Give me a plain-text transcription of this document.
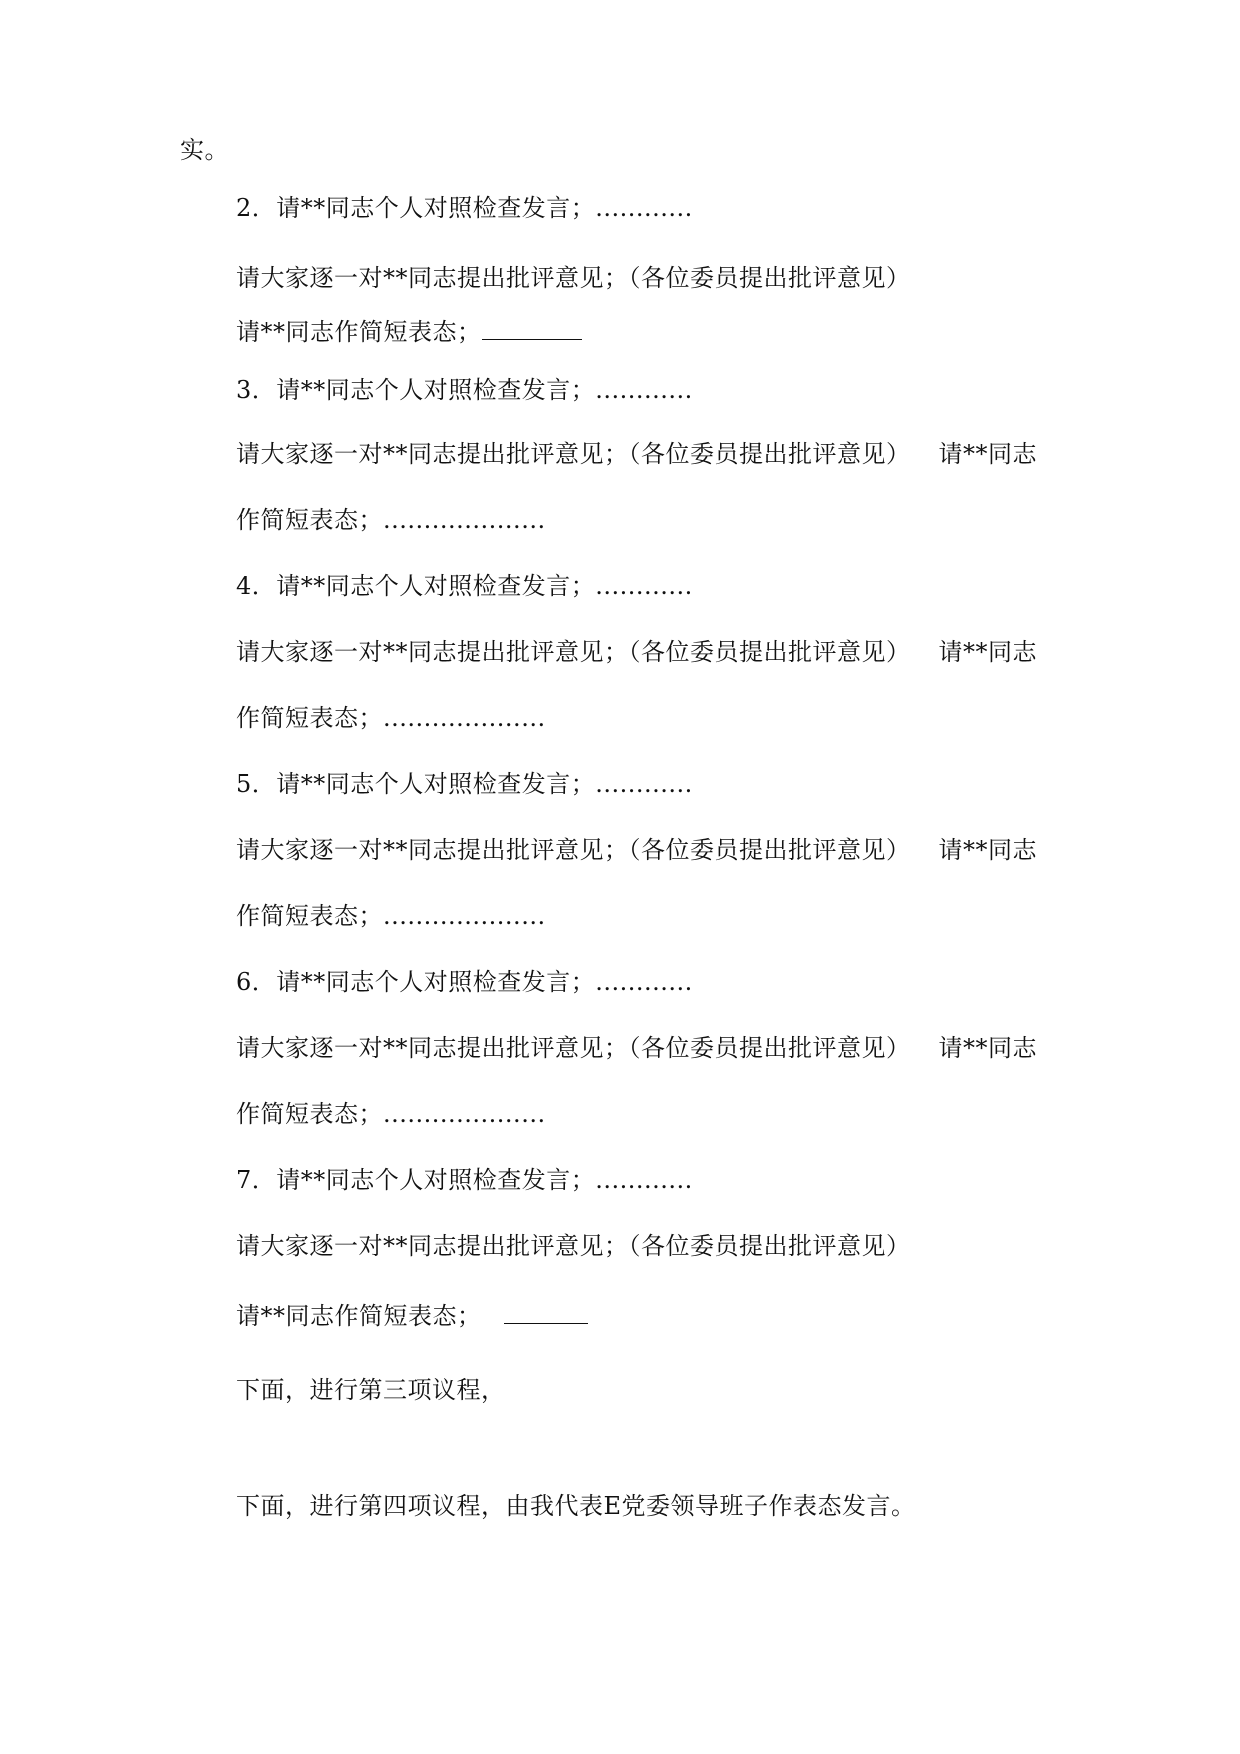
实。
2．请**同志个人对照检查发言；............
请大家逐一对**同志提出批评意见；（各位委员提出批评意见）
请**同志作简短表态；
3．请**同志个人对照检查发言；............
请大家逐一对**同志提出批评意见；（各位委员提出批评意见） 请**同志
作简短表态；....................
4．请**同志个人对照检查发言；............
请大家逐一对**同志提出批评意见；（各位委员提出批评意见） 请**同志
作简短表态；....................
5．请**同志个人对照检查发言；............
请大家逐一对**同志提出批评意见；（各位委员提出批评意见） 请**同志
作简短表态；....................
6．请**同志个人对照检查发言；............
请大家逐一对**同志提出批评意见；（各位委员提出批评意见） 请**同志
作简短表态；....................
7．请**同志个人对照检查发言；............
请大家逐一对**同志提出批评意见；（各位委员提出批评意见）
请**同志作简短表态；
下面，进行第三项议程，
下面，进行第四项议程，由我代表E党委领导班子作表态发言。
